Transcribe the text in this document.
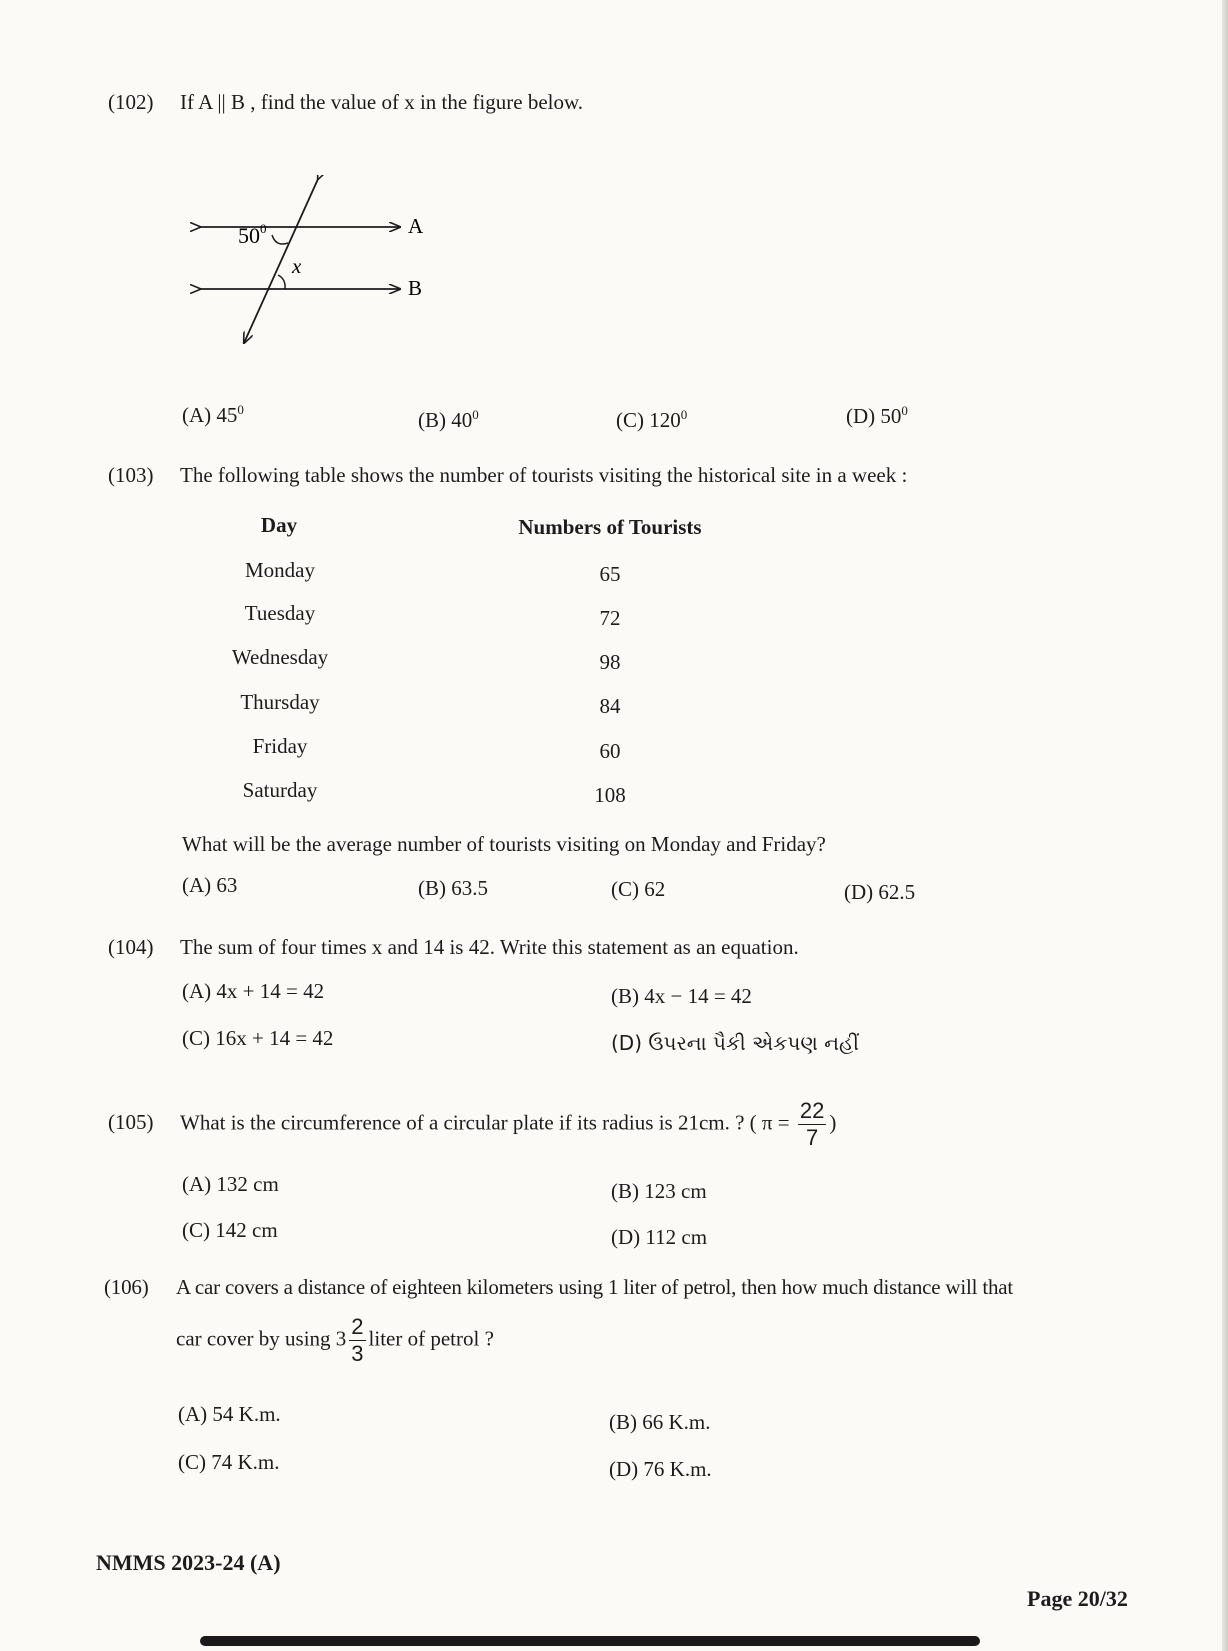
(102) If A || B , find the value of x in the figure below.
$50^0$
x
A
B
(A) $45^0$	(B) $40^0$	(C) $120^0$	(D) $50^0$
(103) The following table shows the number of tourists visiting the historical site in a week :
Day	Numbers of Tourists
Monday	65
Tuesday	72
Wednesday	98
Thursday	84
Friday	60
Saturday	108
What will be the average number of tourists visiting on Monday and Friday?
(A) 63	(B) 63.5	(C) 62	(D) 62.5
(104) The sum of four times x and 14 is 42. Write this statement as an equation.
(A) 4x + 14 = 42	(B) 4x − 14 = 42
(C) 16x + 14 = 42	(D) ઉપરના પૈકી એકપણ નહીં
(105) What is the circumference of a circular plate if its radius is 21cm. ? ( $\pi = \frac{22}{7}$ )
(A) 132 cm	(B) 123 cm
(C) 142 cm	(D) 112 cm
(106) A car covers a distance of eighteen kilometers using 1 liter of petrol, then how much distance will that
car cover by using $3 \frac{2}{3}$ liter of petrol ?
(A) 54 K.m.	(B) 66 K.m.
(C) 74 K.m.	(D) 76 K.m.
NMMS 2023-24 (A)
Page 20/32
